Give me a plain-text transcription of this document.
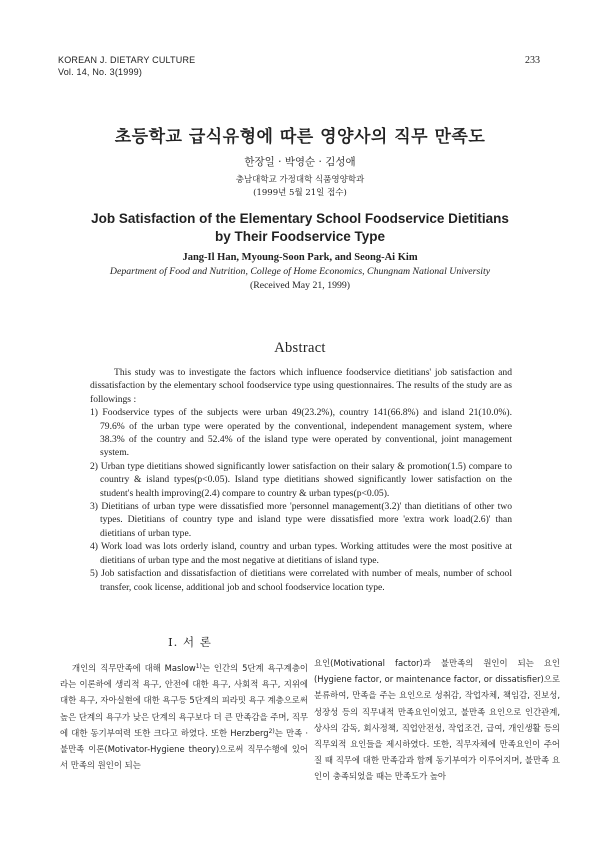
KOREAN J. DIETARY CULTURE
Vol. 14, No. 3(1999)
233
초등학교 급식유형에 따른 영양사의 직무 만족도
한장일 · 박영순 · 김성애
충남대학교 가정대학 식품영양학과
(1999년 5월 21일 접수)
Job Satisfaction of the Elementary School Foodservice Dietitians
by Their Foodservice Type
Jang-Il Han, Myoung-Soon Park, and Seong-Ai Kim
Department of Food and Nutrition, College of Home Economics, Chungnam National University
(Received May 21, 1999)
Abstract

This study was to investigate the factors which influence foodservice dietitians' job satisfaction and dissatisfaction by the elementary school foodservice type using questionnaires. The results of the study are as followings :

1) Foodservice types of the subjects were urban 49(23.2%), country 141(66.8%) and island 21(10.0%). 79.6% of the urban type were operated by the conventional, independent management system, where 38.3% of the country and 52.4% of the island type were operated by conventional, joint management system.
2) Urban type dietitians showed significantly lower satisfaction on their salary & promotion(1.5) compare to country & island types(p<0.05). Island type dietitians showed significantly lower satisfaction on the student's health improving(2.4) compare to country & urban types(p<0.05).
3) Dietitians of urban type were dissatisfied more 'personnel management(3.2)' than dietitians of other two types. Dietitians of country type and island type were dissatisfied more 'extra work load(2.6)' than dietitians of urban type.
4) Work load was lots orderly island, country and urban types. Working attitudes were the most positive at dietitians of urban type and the most negative at dietitians of island type.
5) Job satisfaction and dissatisfaction of dietitians were correlated with number of meals, number of school transfer, cook license, additional job and school foodservice location type.
I. 서 론

개인의 직무만족에 대해 Maslow$^{1)}$는 인간의 5단계 욕구계층이라는 이론하에 생리적 욕구, 안전에 대한 욕구, 사회적 욕구, 지위에 대한 욕구, 자아실현에 대한 욕구등 5단계의 피라밋 욕구 계층으로써 높은 단계의 욕구가 낮은 단계의 욕구보다 더 큰 만족감을 주며, 직무에 대한 동기부여력 또한 크다고 하였다. 또한 Herzberg$^{2)}$는 만족 · 불만족 이론(Motivator-Hygiene theory)으로써 직무수행에 있어서 만족의 원인이 되는

요인(Motivational factor)과 불만족의 원인이 되는 요인(Hygiene factor, or maintenance factor, or dissatisfier)으로 분류하여, 만족을 주는 요인으로 성취감, 작업자체, 책임감, 진보성, 성장성 등의 직무내적 만족요인이었고, 불만족 요인으로 인간관계, 상사의 감독, 회사정책, 직업안전성, 작업조건, 급여, 개인생활 등의 직무외적 요인들을 제시하였다. 또한, 직무자체에 만족요인이 주어질 때 직무에 대한 만족감과 함께 동기부여가 이루어지며, 불만족 요인이 충족되었을 때는 만족도가 높아
